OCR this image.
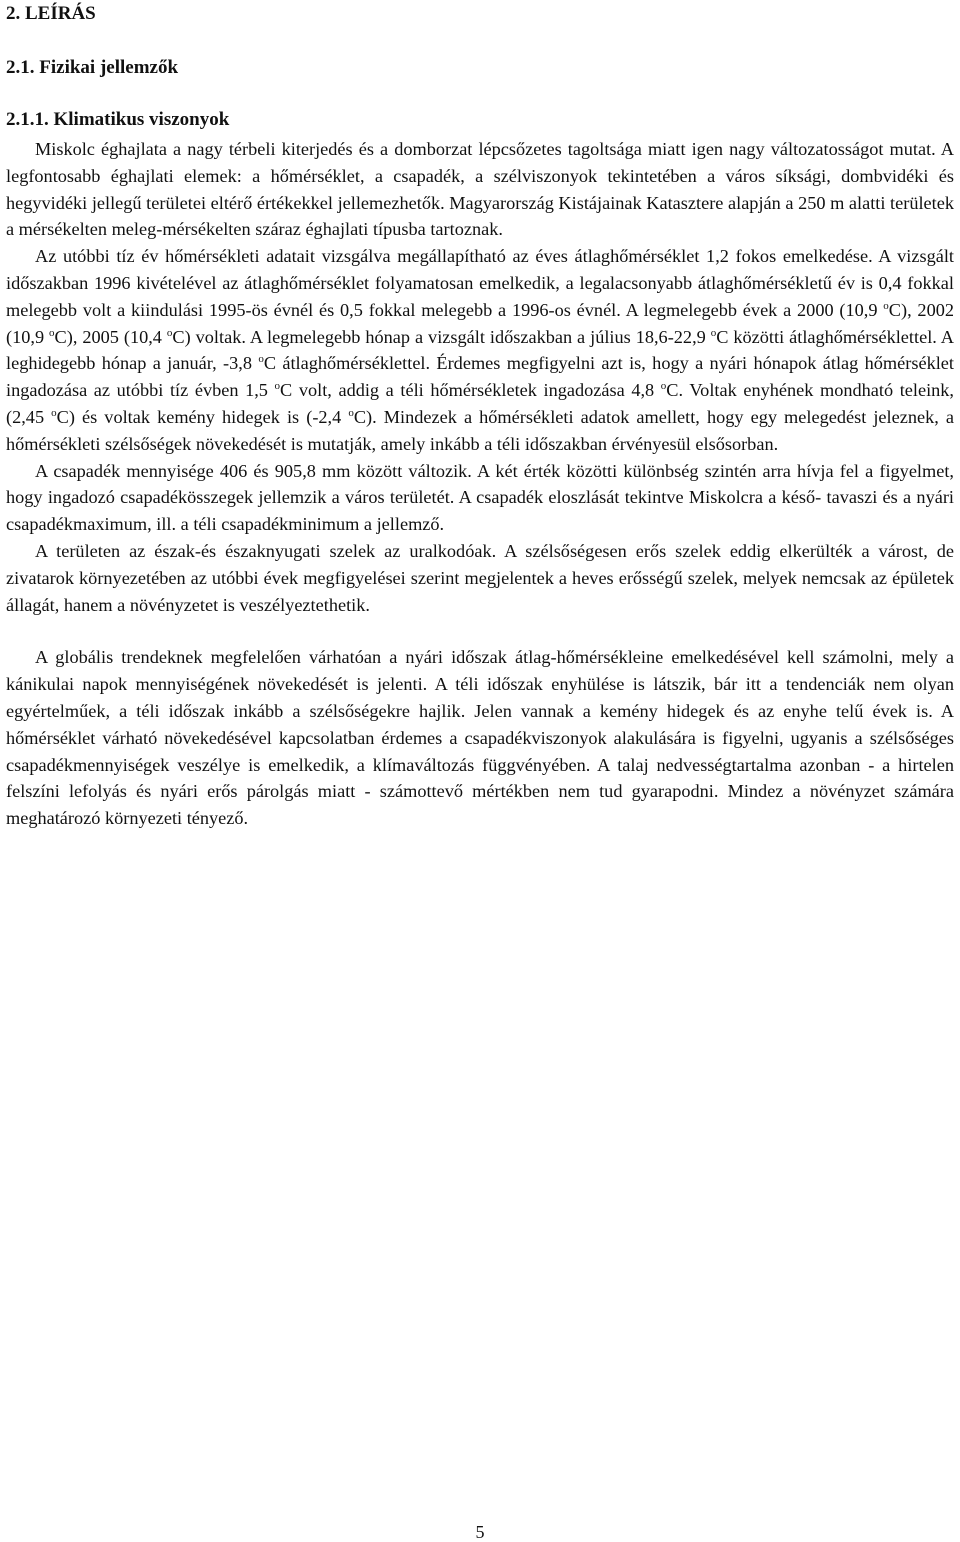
2. LEÍRÁS
2.1. Fizikai jellemzők
2.1.1. Klimatikus viszonyok

Miskolc éghajlata a nagy térbeli kiterjedés és a domborzat lépcsőzetes tagoltsága miatt igen nagy változatosságot mutat. A legfontosabb éghajlati elemek: a hőmérséklet, a csapadék, a szélviszonyok tekintetében a város síksági, dombvidéki és hegyvidéki jellegű területei eltérő értékekkel jellemezhetők. Magyarország Kistájainak Katasztere alapján a 250 m alatti területek a mérsékelten meleg-mérsékelten száraz éghajlati típusba tartoznak.

Az utóbbi tíz év hőmérsékleti adatait vizsgálva megállapítható az éves átlaghőmérséklet 1,2 fokos emelkedése. A vizsgált időszakban 1996 kivételével az átlaghőmérséklet folyamatosan emelkedik, a legalacsonyabb átlaghőmérsékletű év is 0,4 fokkal melegebb volt a kiindulási 1995-ös évnél és 0,5 fokkal melegebb a 1996-os évnél. A legmelegebb évek a 2000 (10,9 $^o$C), 2002 (10,9 $^o$C), 2005 (10,4 $^o$C) voltak. A legmelegebb hónap a vizsgált időszakban a július 18,6-22,9 $^o$C közötti átlaghőmérséklettel. A leghidegebb hónap a január, -3,8 $^o$C átlaghőmérséklettel. Érdemes megfigyelni azt is, hogy a nyári hónapok átlag hőmérséklet ingadozása az utóbbi tíz évben 1,5 $^o$C volt, addig a téli hőmérsékletek ingadozása 4,8 $^o$C. Voltak enyhének mondható teleink, (2,45 $^o$C) és voltak kemény hidegek is (-2,4 $^o$C). Mindezek a hőmérsékleti adatok amellett, hogy egy melegedést jeleznek, a hőmérsékleti szélsőségek növekedését is mutatják, amely inkább a téli időszakban érvényesül elsősorban.

A csapadék mennyisége 406 és 905,8 mm között változik. A két érték közötti különbség szintén arra hívja fel a figyelmet, hogy ingadozó csapadékösszegek jellemzik a város területét. A csapadék eloszlását tekintve Miskolcra a késő- tavaszi és a nyári csapadékmaximum, ill. a téli csapadékminimum a jellemző.

A területen az észak-és északnyugati szelek az uralkodóak. A szélsőségesen erős szelek eddig elkerülték a várost, de zivatarok környezetében az utóbbi évek megfigyelései szerint megjelentek a heves erősségű szelek, melyek nemcsak az épületek állagát, hanem a növényzetet is veszélyeztethetik.

A globális trendeknek megfelelően várhatóan a nyári időszak átlag-hőmérsékleine emelkedésével kell számolni, mely a kánikulai napok mennyiségének növekedését is jelenti. A téli időszak enyhülése is látszik, bár itt a tendenciák nem olyan egyértelműek, a téli időszak inkább a szélsőségekre hajlik. Jelen vannak a kemény hidegek és az enyhe telű évek is. A hőmérséklet várható növekedésével kapcsolatban érdemes a csapadékviszonyok alakulására is figyelni, ugyanis a szélsőséges csapadékmennyiségek veszélye is emelkedik, a klímaváltozás függvényében. A talaj nedvességtartalma azonban - a hirtelen felszíni lefolyás és nyári erős párolgás miatt - számottevő mértékben nem tud gyarapodni. Mindez a növényzet számára meghatározó környezeti tényező.

5
